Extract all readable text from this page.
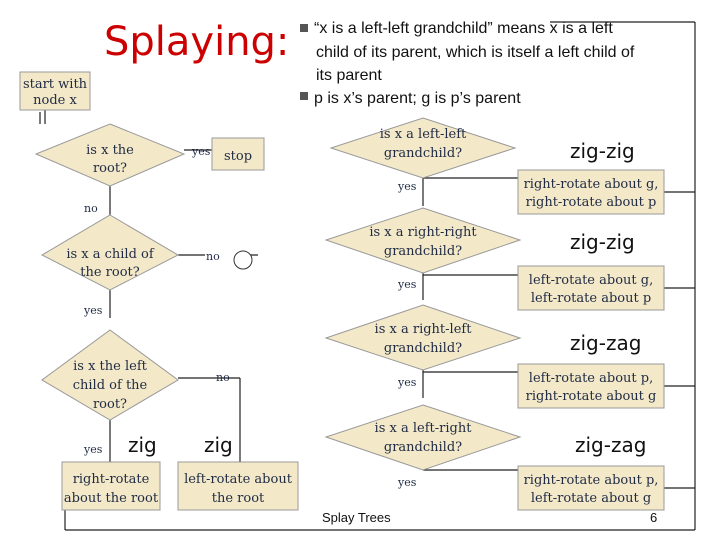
Splaying: “x is a left-left grandchild” means x is a left
child of its parent, which is itself a left child of
its parent
p is x’s parent; g is p’s parent
start with
node x
is x the
root?
yes
no
stop
is x a child of
the root?
no
yes
is x the left
child of the
root?
yes
no
zig zig
right-rotate
about the root
left-rotate about
the root
is x a left-left
grandchild?
yes
zig-zig
right-rotate about g,
right-rotate about p
is x a right-right
grandchild?
yes
zig-zig
left-rotate about g,
left-rotate about p
is x a right-left
grandchild?
yes
zig-zag
left-rotate about p,
right-rotate about g
is x a left-right
grandchild?
yes
zig-zag
right-rotate about p,
left-rotate about g
Splay Trees	6
